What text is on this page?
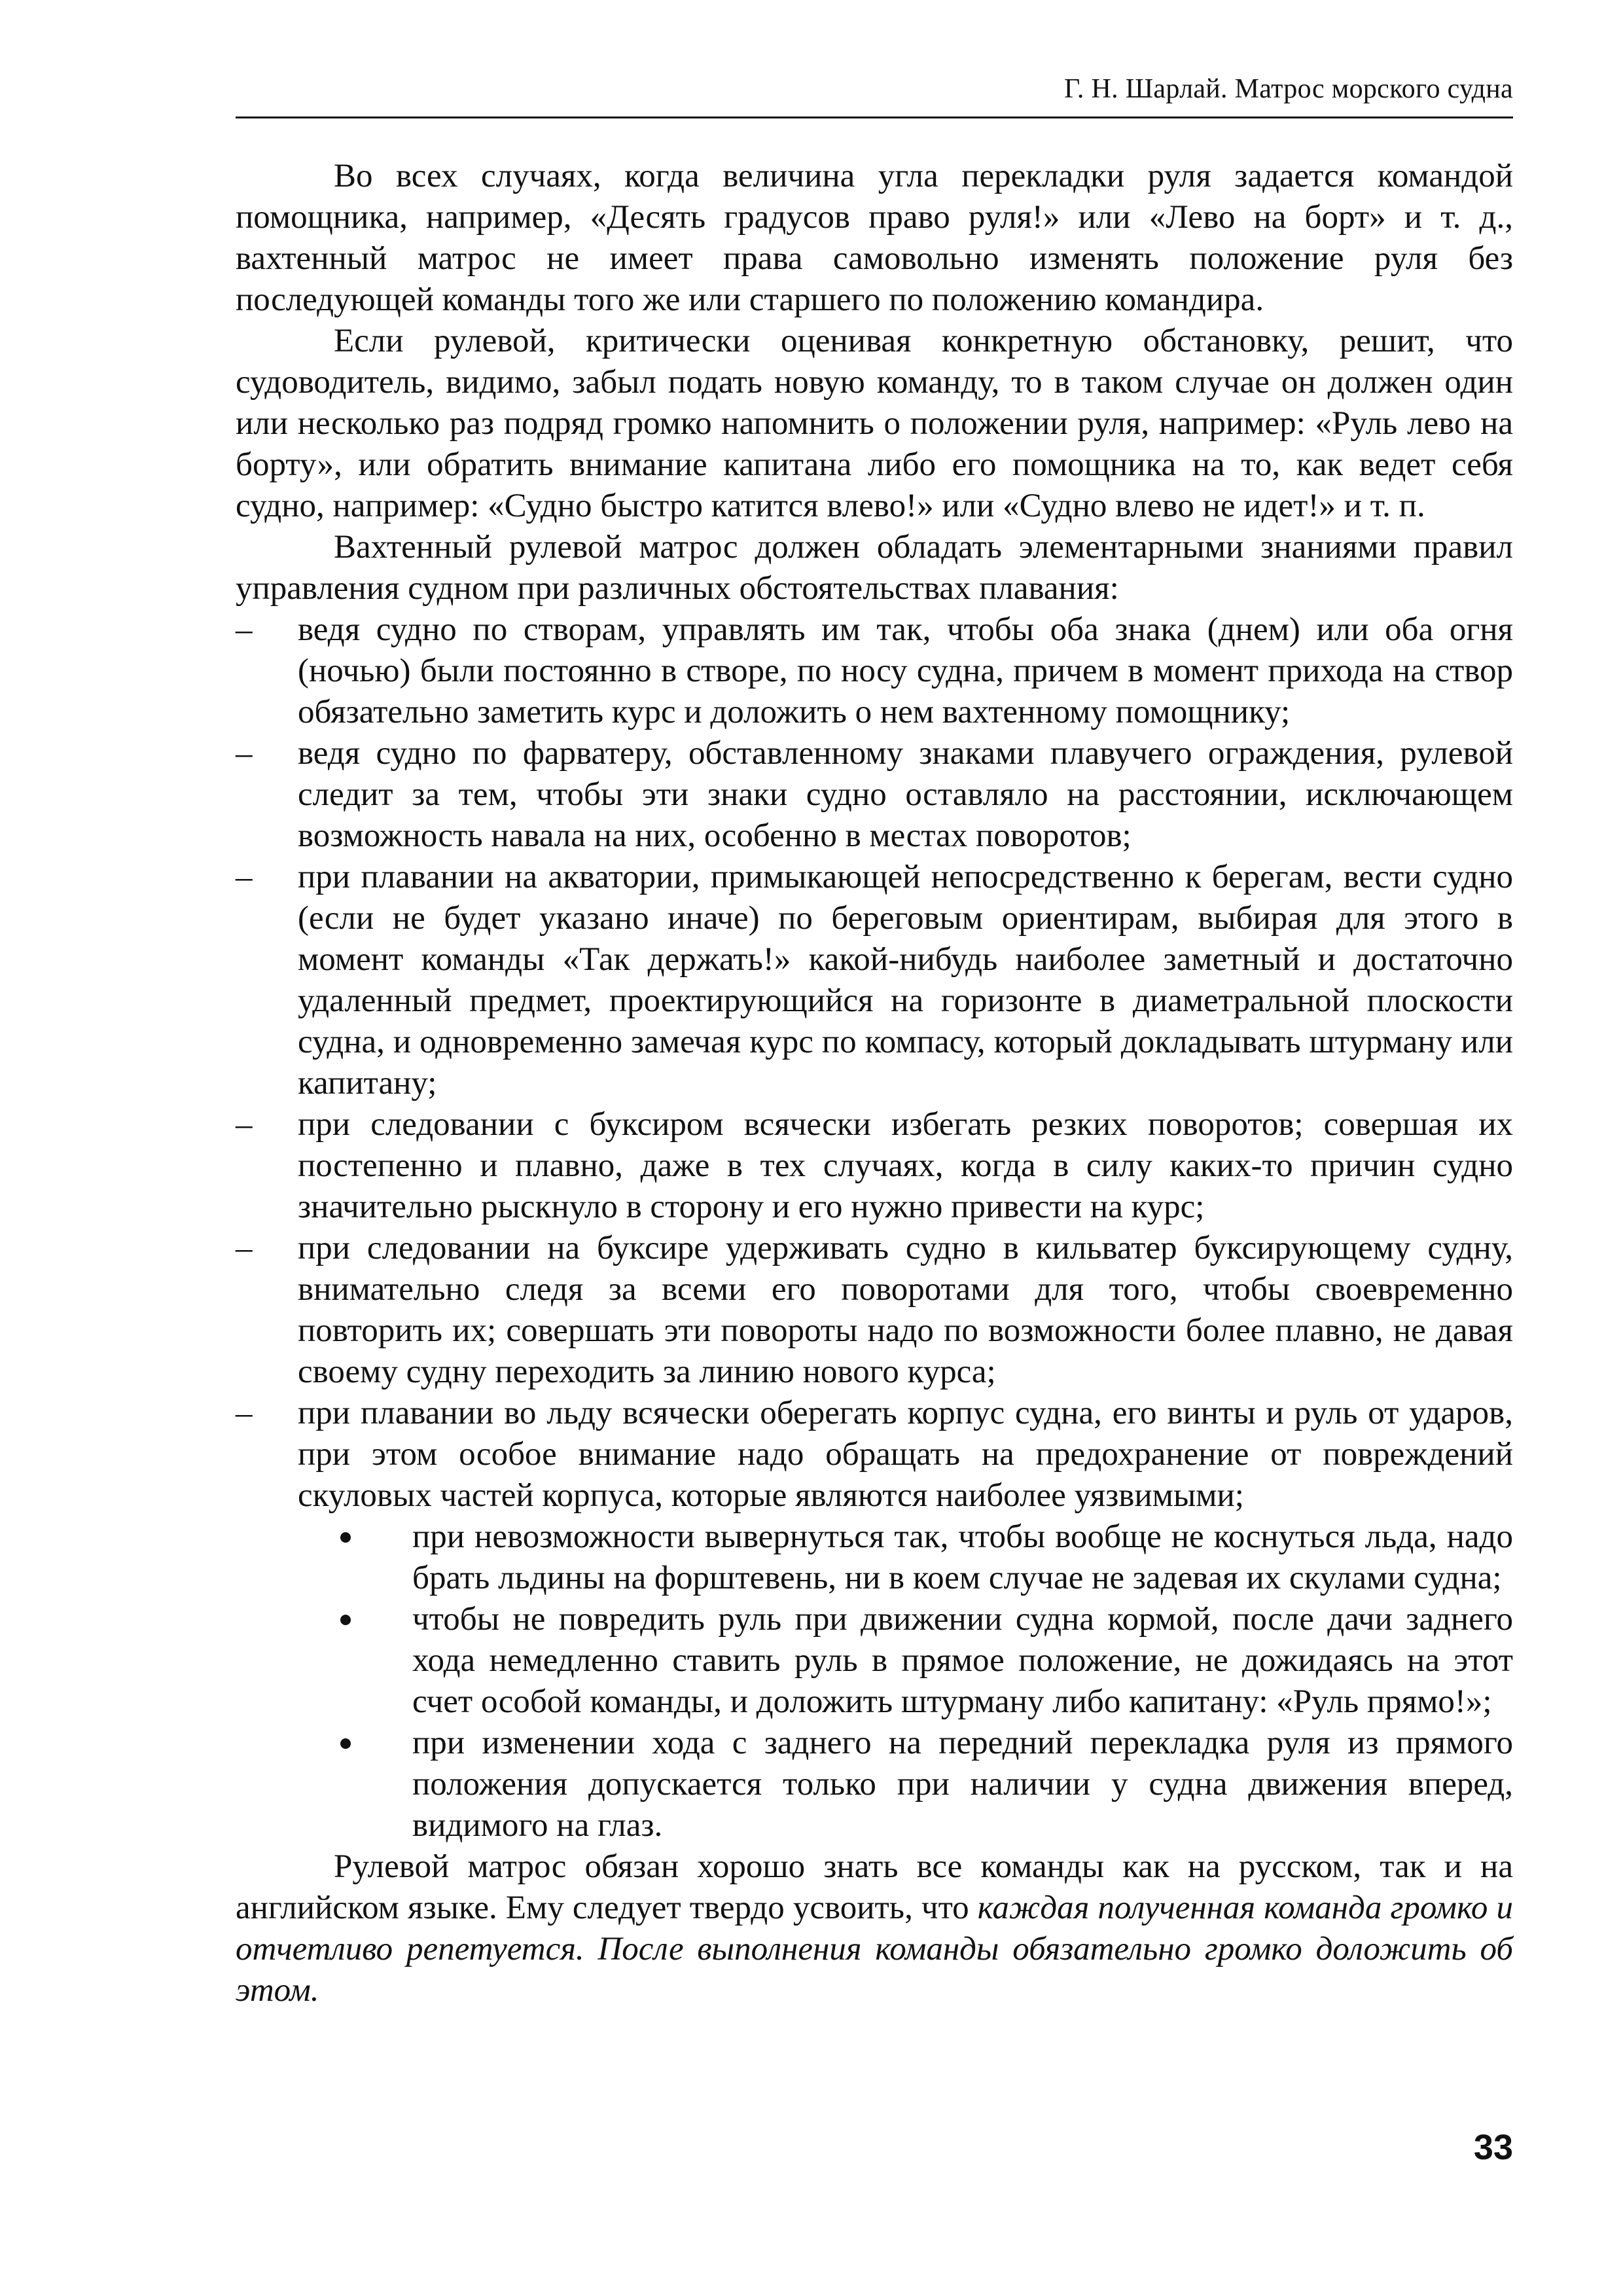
Г. Н. Шарлай. Матрос морского судна

Во всех случаях, когда величина угла перекладки руля задается командой помощника, например, «Десять градусов право руля!» или «Лево на борт» и т. д., вахтенный матрос не имеет права самовольно изменять положение руля без последующей команды того же или старшего по положению командира.

Если рулевой, критически оценивая конкретную обстановку, решит, что судоводитель, видимо, забыл подать новую команду, то в таком случае он должен один или несколько раз подряд громко напомнить о положении руля, например: «Руль лево на борту», или обратить внимание капитана либо его помощника на то, как ведет себя судно, например: «Судно быстро катится влево!» или «Судно влево не идет!» и т. п.

Вахтенный рулевой матрос должен обладать элементарными знаниями правил управления судном при различных обстоятельствах плавания:

– ведя судно по створам, управлять им так, чтобы оба знака (днем) или оба огня (ночью) были постоянно в створе, по носу судна, причем в момент прихода на створ обязательно заметить курс и доложить о нем вахтенному помощнику;
– ведя судно по фарватеру, обставленному знаками плавучего ограждения, рулевой следит за тем, чтобы эти знаки судно оставляло на расстоянии, исключающем возможность навала на них, особенно в местах поворотов;
– при плавании на акватории, примыкающей непосредственно к берегам, вести судно (если не будет указано иначе) по береговым ориентирам, выбирая для этого в момент команды «Так держать!» какой-нибудь наиболее заметный и достаточно удаленный предмет, проектирующийся на горизонте в диаметральной плоскости судна, и одновременно замечая курс по компасу, который докладывать штурману или капитану;
– при следовании с буксиром всячески избегать резких поворотов; совершая их постепенно и плавно, даже в тех случаях, когда в силу каких-то причин судно значительно рыскнуло в сторону и его нужно привести на курс;
– при следовании на буксире удерживать судно в кильватер буксирующему судну, внимательно следя за всеми его поворотами для того, чтобы своевременно повторить их; совершать эти повороты надо по возможности более плавно, не давая своему судну переходить за линию нового курса;
– при плавании во льду всячески оберегать корпус судна, его винты и руль от ударов, при этом особое внимание надо обращать на предохранение от повреждений скуловых частей корпуса, которые являются наиболее уязвимыми;
при невозможности вывернуться так, чтобы вообще не коснуться льда, надо брать льдины на форштевень, ни в коем случае не задевая их скулами судна;
чтобы не повредить руль при движении судна кормой, после дачи заднего хода немедленно ставить руль в прямое положение, не дожидаясь на этот счет особой команды, и доложить штурману либо капитану: «Руль прямо!»;
при изменении хода с заднего на передний перекладка руля из прямого положения допускается только при наличии у судна движения вперед, видимого на глаз.

Рулевой матрос обязан хорошо знать все команды как на русском, так и на английском языке. Ему следует твердо усвоить, что каждая полученная команда громко и отчетливо репетуется. После выполнения команды обязательно громко доложить об этом.

33
